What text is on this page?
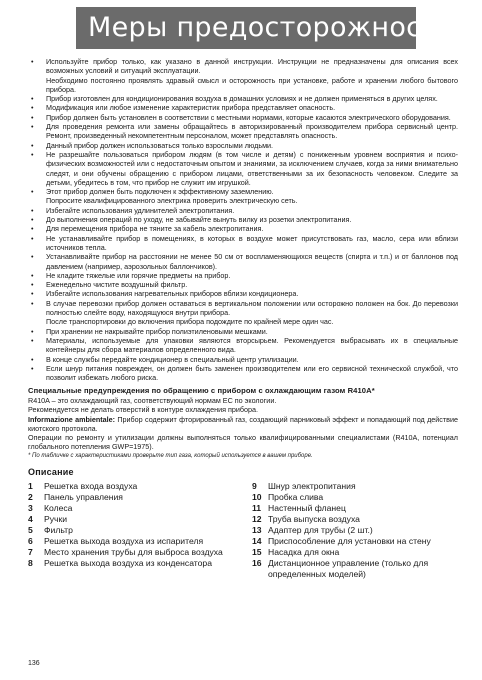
Меры предосторожности
• Используйте прибор только, как указано в данной инструкции. Инструкции не предназначены для описания всех возможных условий и ситуаций эксплуатации.

Необходимо постоянно проявлять здравый смысл и осторожность при установке, работе и хранении любого бытового прибора.

• Прибор изготовлен для кондиционирования воздуха в домашних условиях и не должен применяться в других целях.

• Модификация или любое изменение характеристик прибора представляет опасность.

• Прибор должен быть установлен в соответствии с местными нормами, которые касаются электрического оборудования.

• Для проведения ремонта или замены обращайтесь в авторизированный производителем прибора сервисный центр. Ремонт, произведенный некомпетентным персоналом, может представлять опасность.

• Данный прибор должен использоваться только взрослыми людьми.

• Не разрешайте пользоваться прибором людям (в том числе и детям) с пониженным уровнем восприятия и психо-физических возможностей или с недостаточным опытом и знаниями, за исключением случаев, когда за ними внимательно следят, и они обучены обращению с прибором лицами, ответственными за их безопасность человеком. Следите за детьми, убедитесь в том, что прибор не служит им игрушкой.

• Этот прибор должен быть подключен к эффективному заземлению.

Попросите квалифицированного электрика проверить электрическую сеть.

• Избегайте использования удлинителей электропитания.

• До выполнения операций по уходу, не забывайте вынуть вилку из розетки электропитания.

• Для перемещения прибора не тяните за кабель электропитания.

• Не устанавливайте прибор в помещениях, в которых в воздухе может присутствовать газ, масло, сера или вблизи источников тепла.

• Устанавливайте прибор на расстоянии не менее 50 см от воспламеняющихся веществ (спирта и т.п.) и от баллонов под давлением (например, аэрозольных баллончиков).

• Не кладите тяжелые или горячие предметы на прибор.

• Еженедельно чистите воздушный фильтр.

• Избегайте использования нагревательных приборов вблизи кондиционера.

• В случае перевозки прибор должен оставаться в вертикальном положении или осторожно положен на бок. До перевозки полностью слейте воду, находящуюся внутри прибора.

После транспортировки до включения прибора подождите по крайней мере один час.

• При хранении не накрывайте прибор полиэтиленовыми мешками.

• Материалы, используемые для упаковки являются вторсырьем. Рекомендуется выбрасывать их в специальные контейнеры для сбора материалов определенного вида.

• В конце службы передайте кондиционер в специальный центр утилизации.

• Если шнур питания поврежден, он должен быть заменен производителем или его сервисной технической службой, что позволит избежать любого риска.

Специальные предупреждения по обращению с прибором с охлаждающим газом R410A*

R410A – это охлаждающий газ, соответствующий нормам ЕС по экологии.

Рекомендуется не делать отверстий в контуре охлаждения прибора.

Informazione ambientale: Прибор содержит фторированный газ, создающий парниковый эффект и попадающий под действие киотского протокола.

Операции по ремонту и утилизации должны выполняться только квалифицированными специалистами (R410A, потенциал глобального потепления GWP=1975).

* По табличке с характеристиками проверьте тип газа, который используется в вашем приборе.

Описание
1	Решетка входа воздуха
2	Панель управления
3	Колеса
4	Ручки
5	Фильтр
6	Решетка выхода воздуха из испарителя
7	Место хранения трубы для выброса воздуха
8	Решетка выхода воздуха из конденсатора
9	Шнур электропитания
10 Пробка слива
11 Настенный фланец
12 Труба выпуска воздуха
13 Адаптер для трубы (2 шт.)
14 Приспособление для установки на стену
15 Насадка для окна
16 Дистанционное управление (только для определенных моделей)
136
